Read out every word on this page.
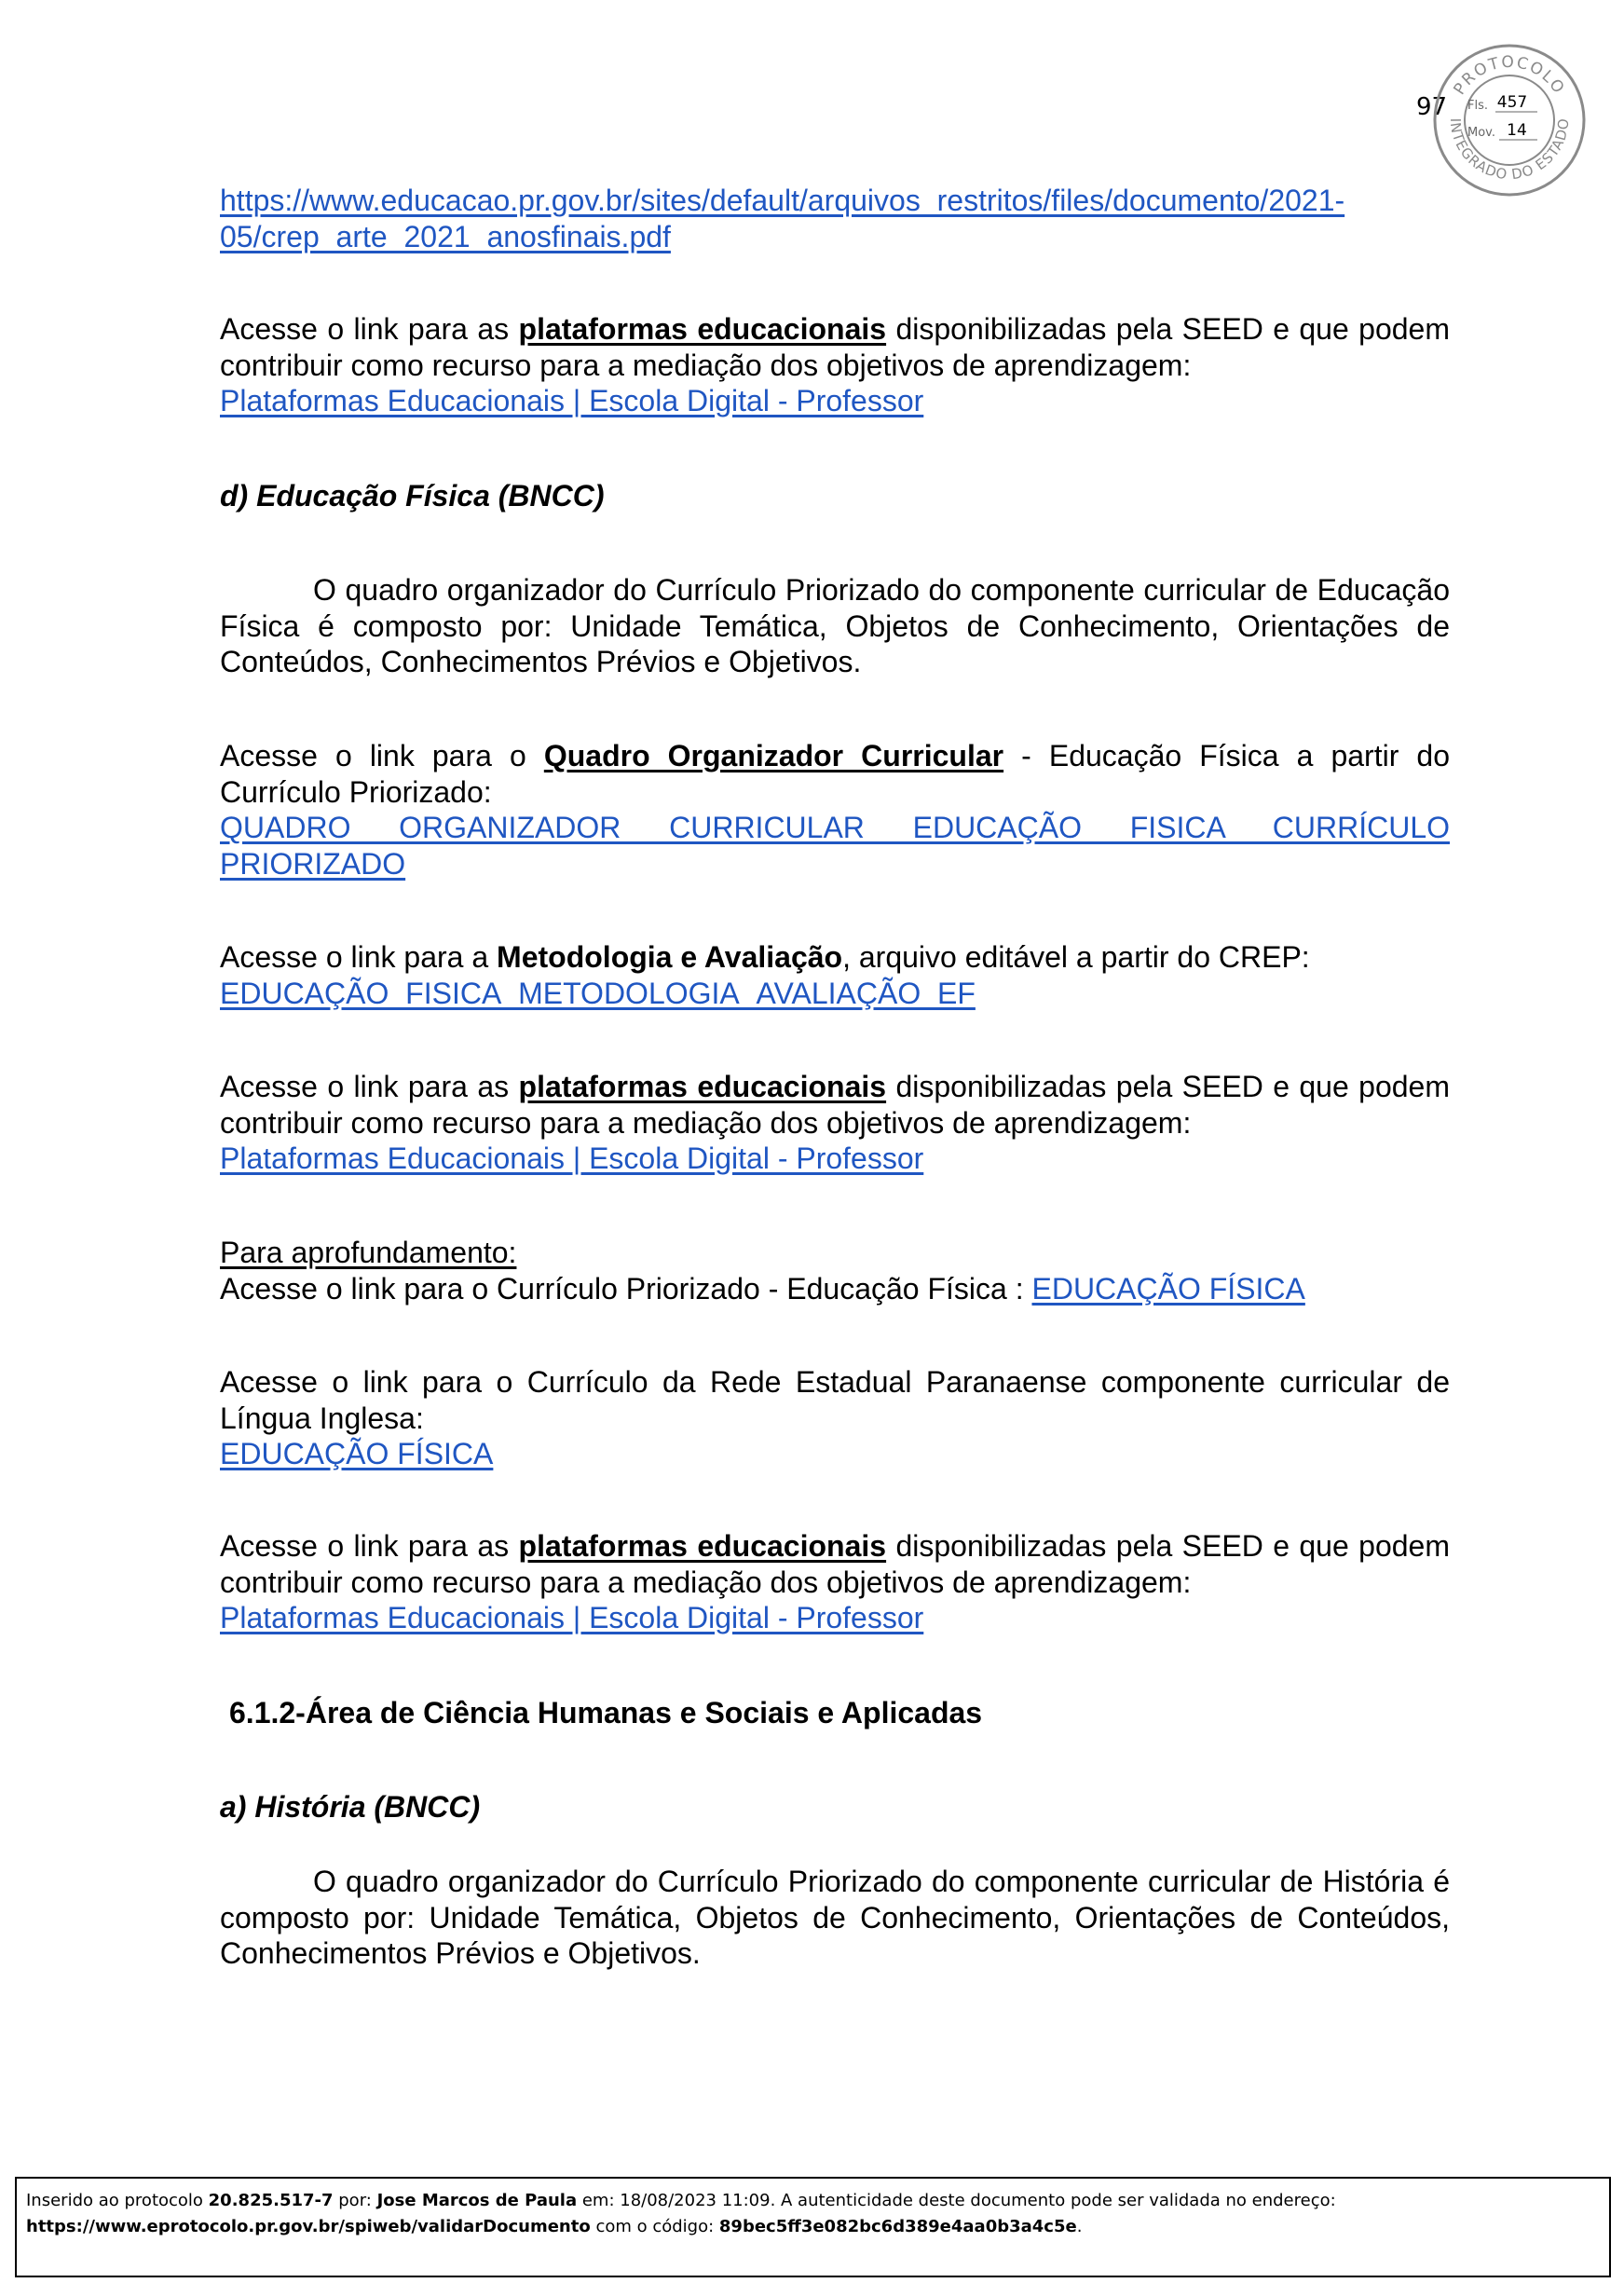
97
PROTOCOLO
INTEGRADO DO ESTADO
Fls. 457
Mov. 14
https://www.educacao.pr.gov.br/sites/default/arquivos_restritos/files/documento/2021-
05/crep_arte_2021_anosfinais.pdf
Acesse o link para as plataformas educacionais disponibilizadas pela SEED e que podem contribuir como recurso para a mediação dos objetivos de aprendizagem:
Plataformas Educacionais | Escola Digital - Professor
d) Educação Física (BNCC)
O quadro organizador do Currículo Priorizado do componente curricular de Educação Física é composto por: Unidade Temática, Objetos de Conhecimento, Orientações de Conteúdos, Conhecimentos Prévios e Objetivos.
Acesse o link para o Quadro Organizador Curricular - Educação Física a partir do Currículo Priorizado:
QUADRO ORGANIZADOR CURRICULAR EDUCAÇÃO FISICA CURRÍCULO
PRIORIZADO
Acesse o link para a Metodologia e Avaliação, arquivo editável a partir do CREP:
EDUCAÇÃO_FISICA_METODOLOGIA_AVALIAÇÃO_EF
Acesse o link para as plataformas educacionais disponibilizadas pela SEED e que podem contribuir como recurso para a mediação dos objetivos de aprendizagem:
Plataformas Educacionais | Escola Digital - Professor
Para aprofundamento:
Acesse o link para o Currículo Priorizado - Educação Física : EDUCAÇÃO FÍSICA
Acesse o link para o Currículo da Rede Estadual Paranaense componente curricular de Língua Inglesa:
EDUCAÇÃO FÍSICA
Acesse o link para as plataformas educacionais disponibilizadas pela SEED e que podem contribuir como recurso para a mediação dos objetivos de aprendizagem:
Plataformas Educacionais | Escola Digital - Professor
6.1.2-Área de Ciência Humanas e Sociais e Aplicadas
a) História (BNCC)
O quadro organizador do Currículo Priorizado do componente curricular de História é composto por: Unidade Temática, Objetos de Conhecimento, Orientações de Conteúdos, Conhecimentos Prévios e Objetivos.
Inserido ao protocolo 20.825.517-7 por: Jose Marcos de Paula em: 18/08/2023 11:09. A autenticidade deste documento pode ser validada no endereço:
https://www.eprotocolo.pr.gov.br/spiweb/validarDocumento com o código: 89bec5ff3e082bc6d389e4aa0b3a4c5e.
